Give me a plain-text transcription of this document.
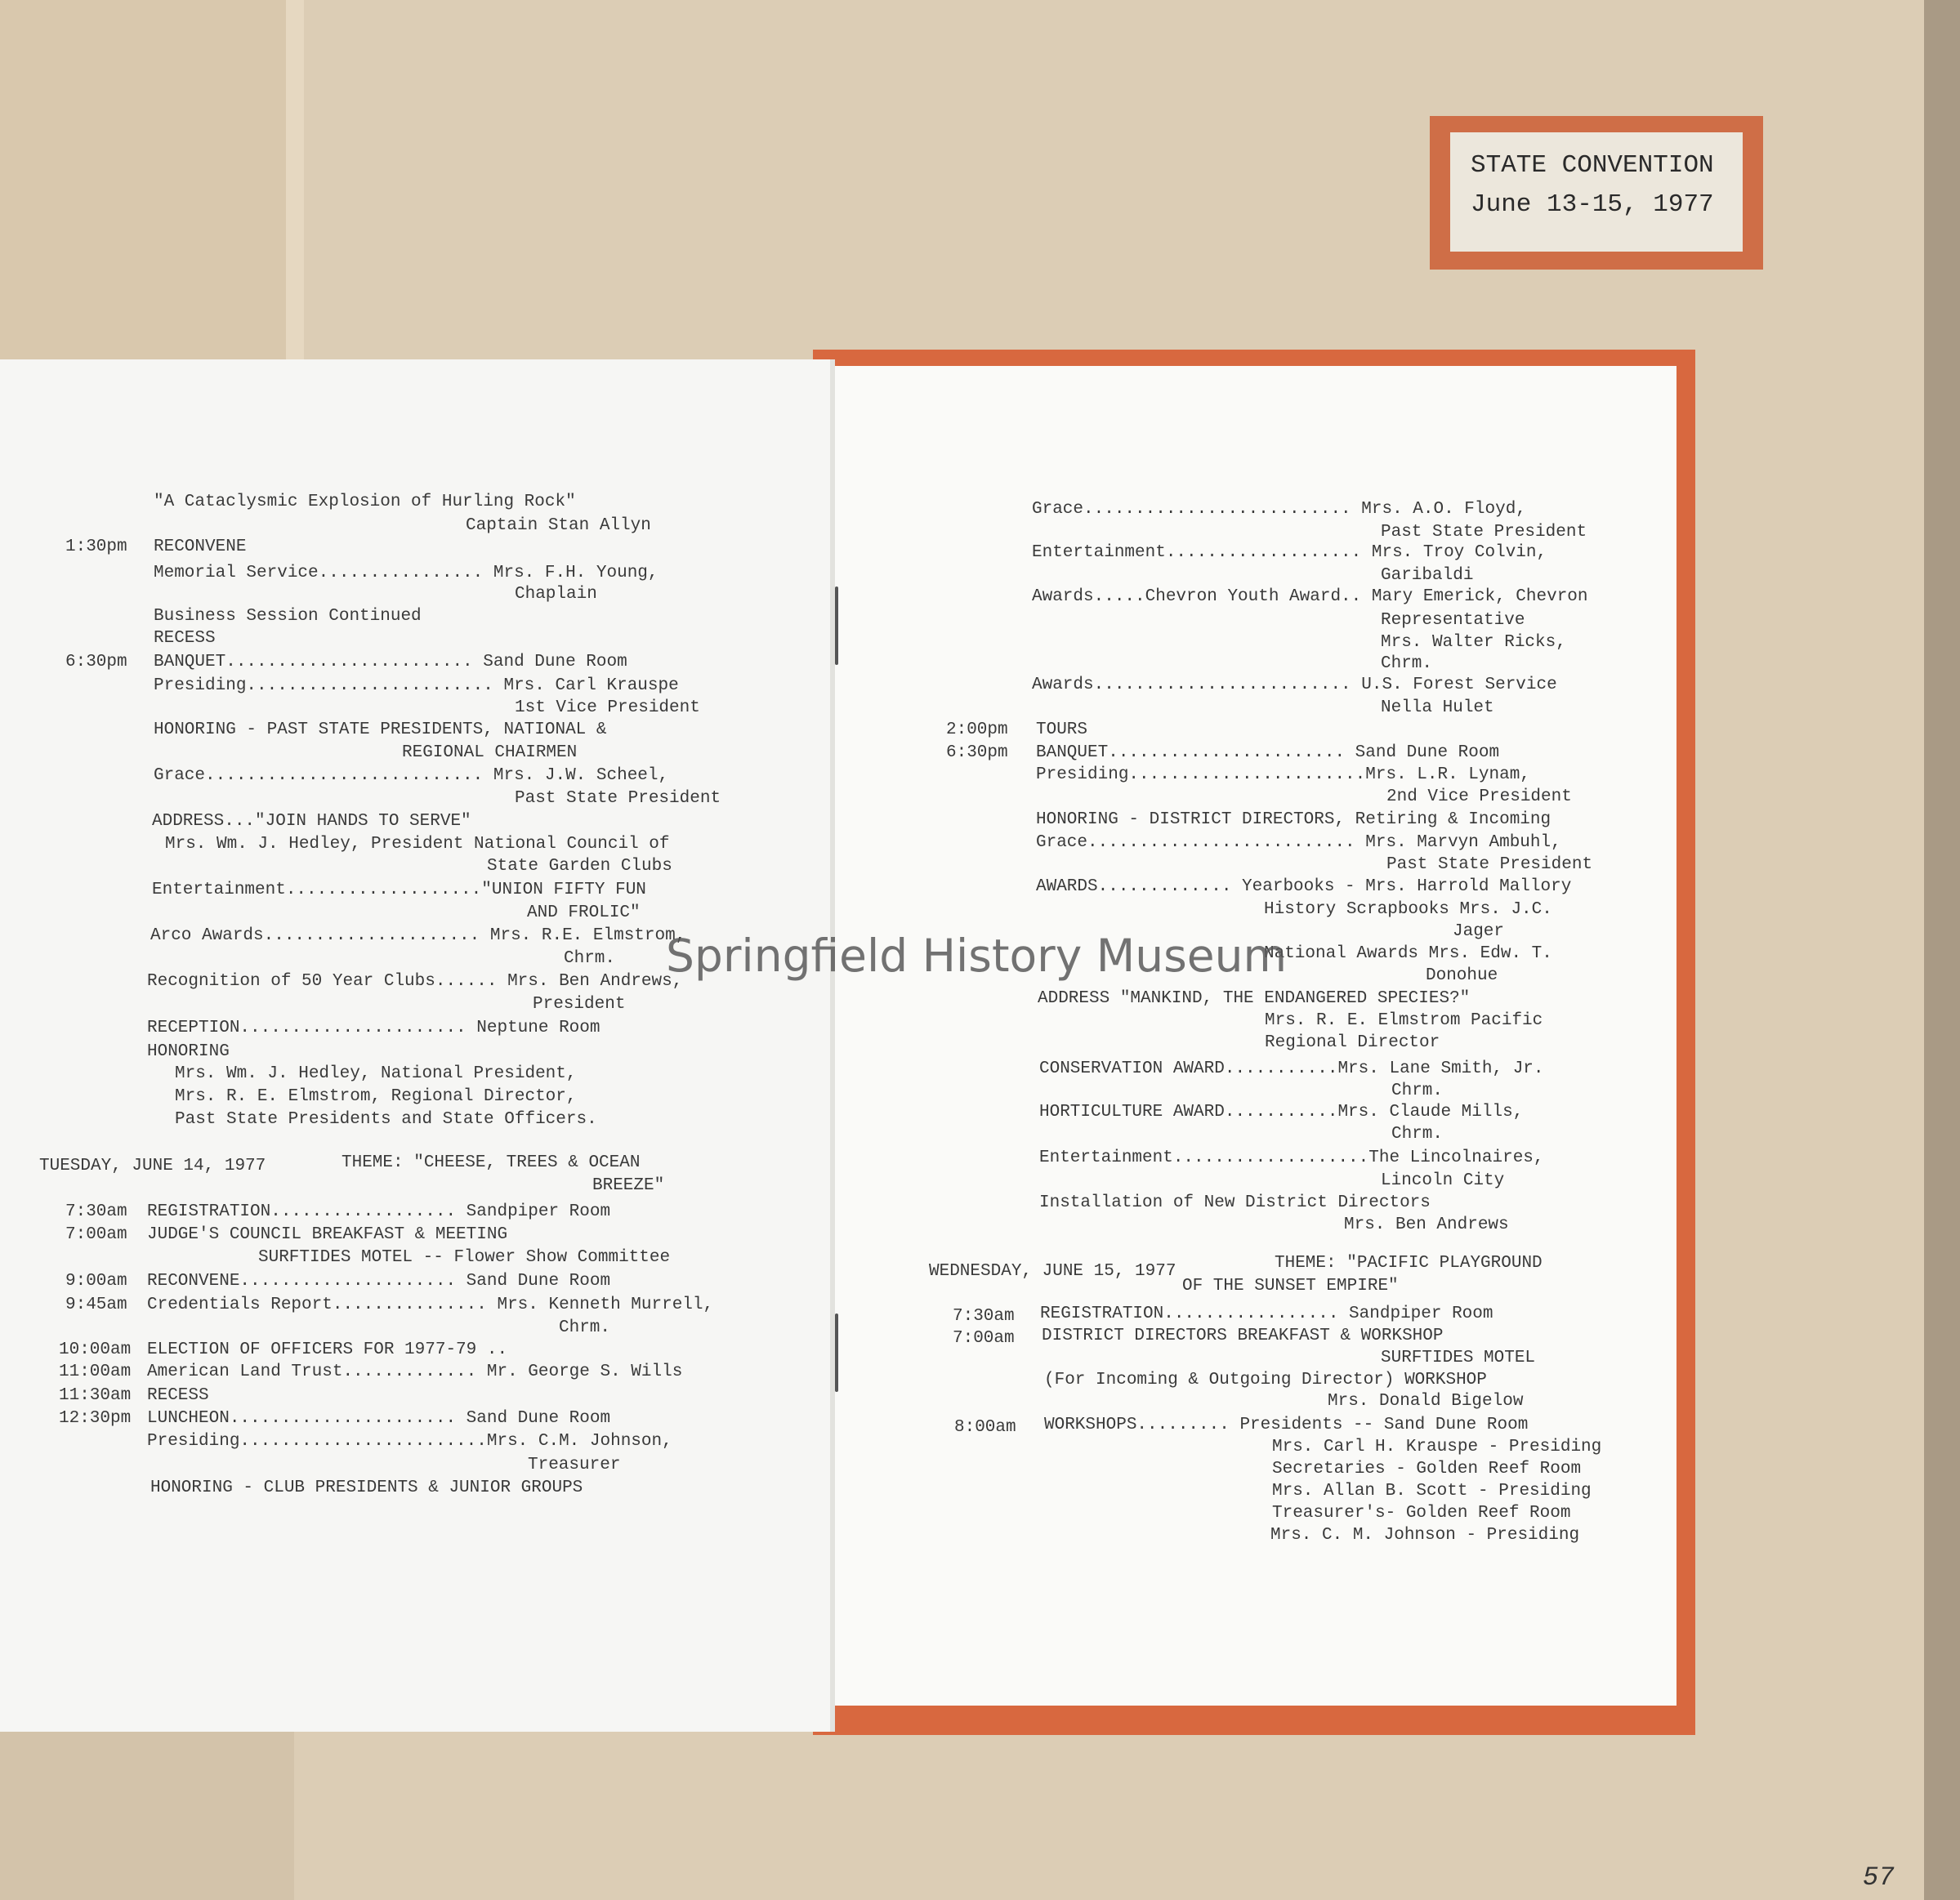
STATE CONVENTION
June 13-15, 1977
"A Cataclysmic Explosion of Hurling Rock"
Captain Stan Allyn
1:30pm RECONVENE
Memorial Service................ Mrs. F.H. Young,
Chaplain
Business Session Continued
RECESS
6:30pm BANQUET........................ Sand Dune Room
Presiding........................ Mrs. Carl Krauspe
1st Vice President
HONORING - PAST STATE PRESIDENTS, NATIONAL &
REGIONAL CHAIRMEN
Grace........................... Mrs. J.W. Scheel,
Past State President
ADDRESS..."JOIN HANDS TO SERVE"
Mrs. Wm. J. Hedley, President National Council of
State Garden Clubs
Entertainment..................."UNION FIFTY FUN
AND FROLIC"
Arco Awards..................... Mrs. R.E. Elmstrom,
Chrm.
Recognition of 50 Year Clubs...... Mrs. Ben Andrews,
President
RECEPTION...................... Neptune Room
HONORING
Mrs. Wm. J. Hedley, National President,
Mrs. R. E. Elmstrom, Regional Director,
Past State Presidents and State Officers.
TUESDAY, JUNE 14, 1977	THEME: "CHEESE, TREES & OCEAN
BREEZE"
7:30am REGISTRATION.................. Sandpiper Room
7:00am JUDGE'S COUNCIL BREAKFAST & MEETING
SURFTIDES MOTEL -- Flower Show Committee
9:00am RECONVENE..................... Sand Dune Room
9:45am Credentials Report............... Mrs. Kenneth Murrell,
Chrm.
10:00am ELECTION OF OFFICERS FOR 1977-79 ..
11:00am American Land Trust............. Mr. George S. Wills
11:30am RECESS
12:30pm LUNCHEON...................... Sand Dune Room
Presiding........................Mrs. C.M. Johnson,
Treasurer
HONORING - CLUB PRESIDENTS & JUNIOR GROUPS
Grace.......................... Mrs. A.O. Floyd,
Past State President
Entertainment................... Mrs. Troy Colvin,
Garibaldi
Awards.....Chevron Youth Award.. Mary Emerick, Chevron
Representative
Mrs. Walter Ricks,
Chrm.
Awards......................... U.S. Forest Service
Nella Hulet
2:00pm TOURS
6:30pm BANQUET....................... Sand Dune Room
Presiding.......................Mrs. L.R. Lynam,
2nd Vice President
HONORING - DISTRICT DIRECTORS, Retiring & Incoming
Grace.......................... Mrs. Marvyn Ambuhl,
Past State President
AWARDS............. Yearbooks - Mrs. Harrold Mallory
History Scrapbooks Mrs. J.C.
Jager
National Awards Mrs. Edw. T.
Donohue
ADDRESS "MANKIND, THE ENDANGERED SPECIES?"
Mrs. R. E. Elmstrom Pacific
Regional Director
CONSERVATION AWARD...........Mrs. Lane Smith, Jr.
Chrm.
HORTICULTURE AWARD...........Mrs. Claude Mills,
Chrm.
Entertainment...................The Lincolnaires,
Lincoln City
Installation of New District Directors
Mrs. Ben Andrews
WEDNESDAY, JUNE 15, 1977	THEME: "PACIFIC PLAYGROUND
OF THE SUNSET EMPIRE"
7:30am REGISTRATION................. Sandpiper Room
7:00am DISTRICT DIRECTORS BREAKFAST & WORKSHOP
SURFTIDES MOTEL
(For Incoming & Outgoing Director) WORKSHOP
Mrs. Donald Bigelow
8:00am WORKSHOPS......... Presidents -- Sand Dune Room
Mrs. Carl H. Krauspe - Presiding
Secretaries - Golden Reef Room
Mrs. Allan B. Scott - Presiding
Treasurer's- Golden Reef Room
Mrs. C. M. Johnson - Presiding
Springfield History Museum
57
